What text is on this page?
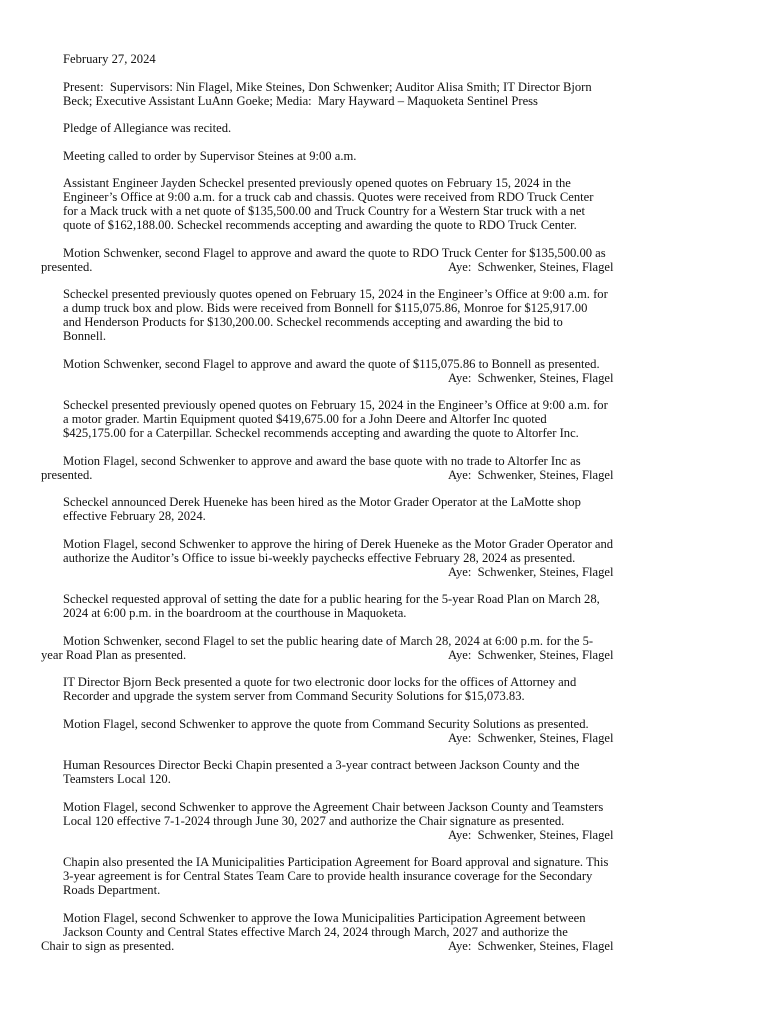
February 27, 2024

Present:  Supervisors: Nin Flagel, Mike Steines, Don Schwenker; Auditor Alisa Smith; IT Director Bjorn
Beck; Executive Assistant LuAnn Goeke; Media:  Mary Hayward – Maquoketa Sentinel Press

Pledge of Allegiance was recited.

Meeting called to order by Supervisor Steines at 9:00 a.m.

Assistant Engineer Jayden Scheckel presented previously opened quotes on February 15, 2024 in the
Engineer’s Office at 9:00 a.m. for a truck cab and chassis. Quotes were received from RDO Truck Center
for a Mack truck with a net quote of $135,500.00 and Truck Country for a Western Star truck with a net
quote of $162,188.00. Scheckel recommends accepting and awarding the quote to RDO Truck Center.

Motion Schwenker, second Flagel to approve and award the quote to RDO Truck Center for $135,500.00 as
presented.	Aye:  Schwenker, Steines, Flagel

Scheckel presented previously quotes opened on February 15, 2024 in the Engineer’s Office at 9:00 a.m. for
a dump truck box and plow. Bids were received from Bonnell for $115,075.86, Monroe for $125,917.00
and Henderson Products for $130,200.00. Scheckel recommends accepting and awarding the bid to
Bonnell.

Motion Schwenker, second Flagel to approve and award the quote of $115,075.86 to Bonnell as presented.
Aye:  Schwenker, Steines, Flagel

Scheckel presented previously opened quotes on February 15, 2024 in the Engineer’s Office at 9:00 a.m. for
a motor grader. Martin Equipment quoted $419,675.00 for a John Deere and Altorfer Inc quoted
$425,175.00 for a Caterpillar. Scheckel recommends accepting and awarding the quote to Altorfer Inc.

Motion Flagel, second Schwenker to approve and award the base quote with no trade to Altorfer Inc as
presented.	Aye:  Schwenker, Steines, Flagel

Scheckel announced Derek Hueneke has been hired as the Motor Grader Operator at the LaMotte shop
effective February 28, 2024.

Motion Flagel, second Schwenker to approve the hiring of Derek Hueneke as the Motor Grader Operator and
authorize the Auditor’s Office to issue bi-weekly paychecks effective February 28, 2024 as presented.
Aye:  Schwenker, Steines, Flagel

Scheckel requested approval of setting the date for a public hearing for the 5-year Road Plan on March 28,
2024 at 6:00 p.m. in the boardroom at the courthouse in Maquoketa.

Motion Schwenker, second Flagel to set the public hearing date of March 28, 2024 at 6:00 p.m. for the 5-
year Road Plan as presented.	Aye:  Schwenker, Steines, Flagel

IT Director Bjorn Beck presented a quote for two electronic door locks for the offices of Attorney and
Recorder and upgrade the system server from Command Security Solutions for $15,073.83.

Motion Flagel, second Schwenker to approve the quote from Command Security Solutions as presented.
Aye:  Schwenker, Steines, Flagel

Human Resources Director Becki Chapin presented a 3-year contract between Jackson County and the
Teamsters Local 120.

Motion Flagel, second Schwenker to approve the Agreement Chair between Jackson County and Teamsters
Local 120 effective 7-1-2024 through June 30, 2027 and authorize the Chair signature as presented.
Aye:  Schwenker, Steines, Flagel

Chapin also presented the IA Municipalities Participation Agreement for Board approval and signature. This
3-year agreement is for Central States Team Care to provide health insurance coverage for the Secondary
Roads Department.

Motion Flagel, second Schwenker to approve the Iowa Municipalities Participation Agreement between
Jackson County and Central States effective March 24, 2024 through March, 2027 and authorize the
Chair to sign as presented.	Aye:  Schwenker, Steines, Flagel
